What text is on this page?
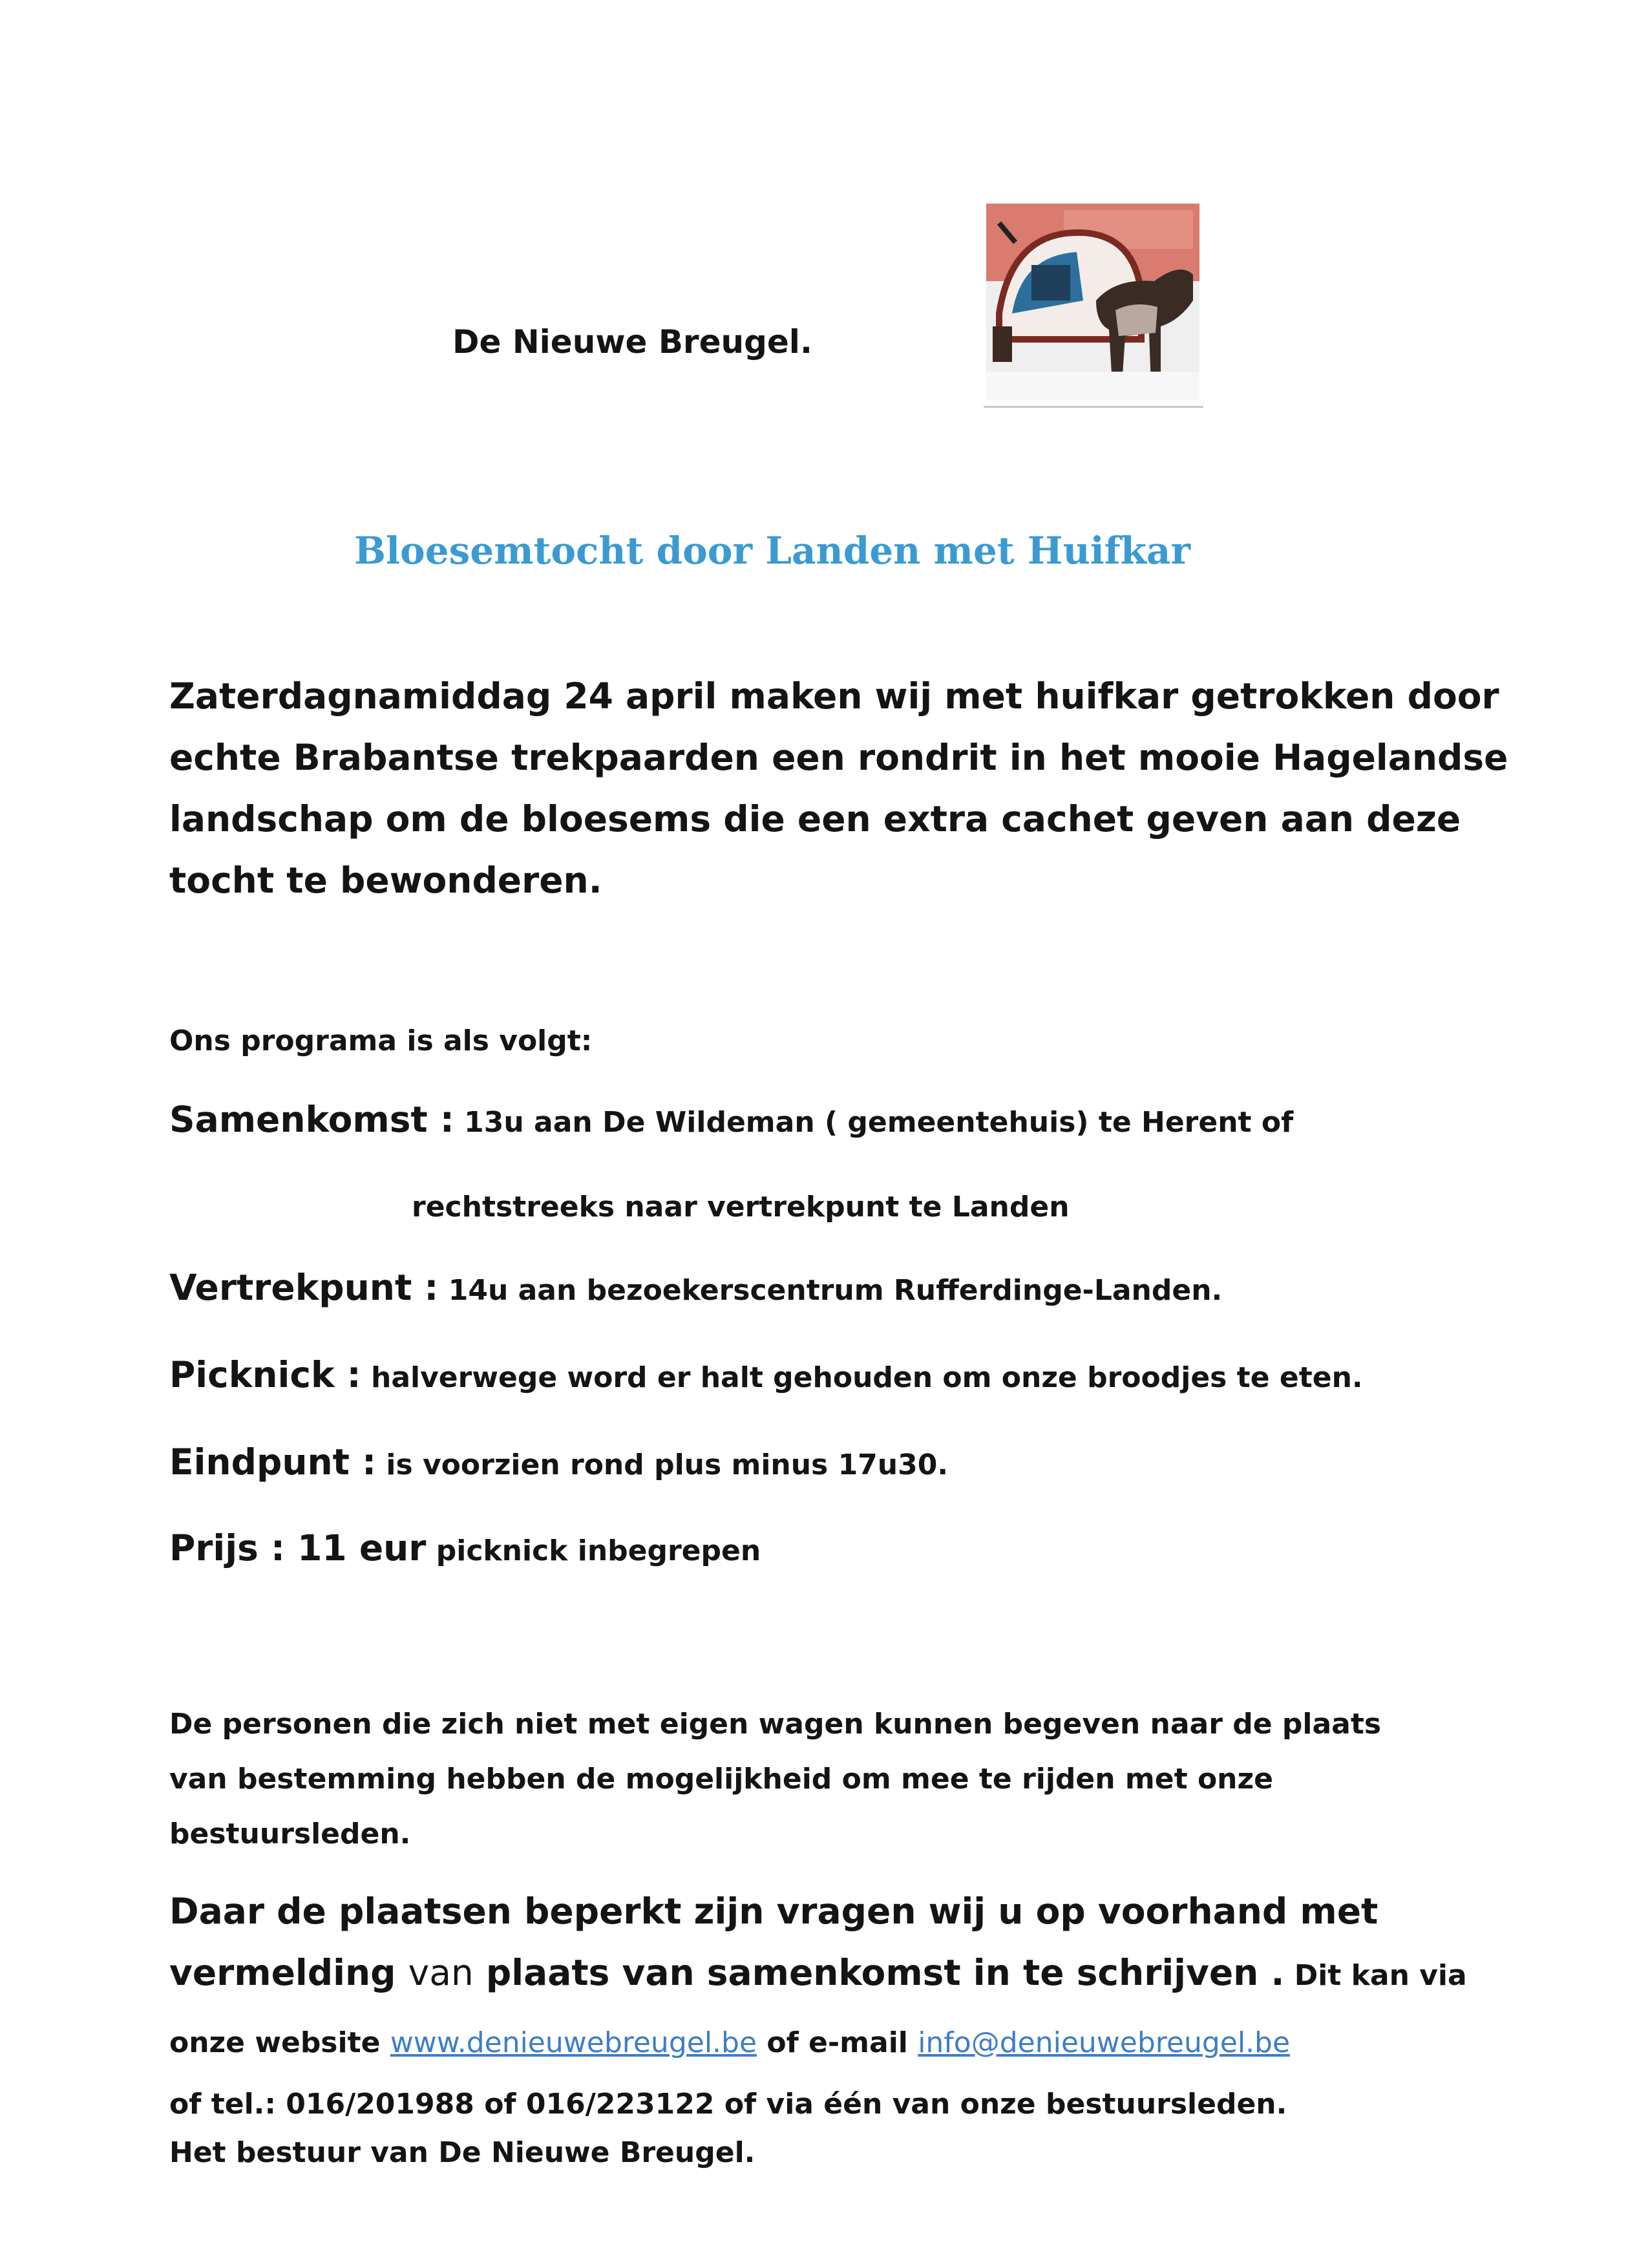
De Nieuwe Breugel.
Bloesemtocht door Landen met Huifkar

Zaterdagnamiddag 24 april maken wij met huifkar getrokken door

echte Brabantse trekpaarden een rondrit in het mooie Hagelandse

landschap om de bloesems die een extra cachet geven aan deze

tocht te bewonderen.

Ons programa is als volgt:
Samenkomst : 13u aan De Wildeman ( gemeentehuis) te Herent of
rechtstreeks naar vertrekpunt te Landen
Vertrekpunt : 14u aan bezoekerscentrum Rufferdinge-Landen.
Picknick : halverwege word er halt gehouden om onze broodjes te eten.
Eindpunt : is voorzien rond plus minus 17u30.
Prijs : 11 eur picknick inbegrepen

De personen die zich niet met eigen wagen kunnen begeven naar de plaats

van bestemming hebben de mogelijkheid om mee te rijden met onze

bestuursleden.

Daar de plaatsen beperkt zijn vragen wij u op voorhand met

vermelding van plaats van samenkomst in te schrijven . Dit kan via

onze website www.denieuwebreugel.be of e-mail info@denieuwebreugel.be

of tel.: 016/201988 of 016/223122 of via één van onze bestuursleden.

Het bestuur van De Nieuwe Breugel.
